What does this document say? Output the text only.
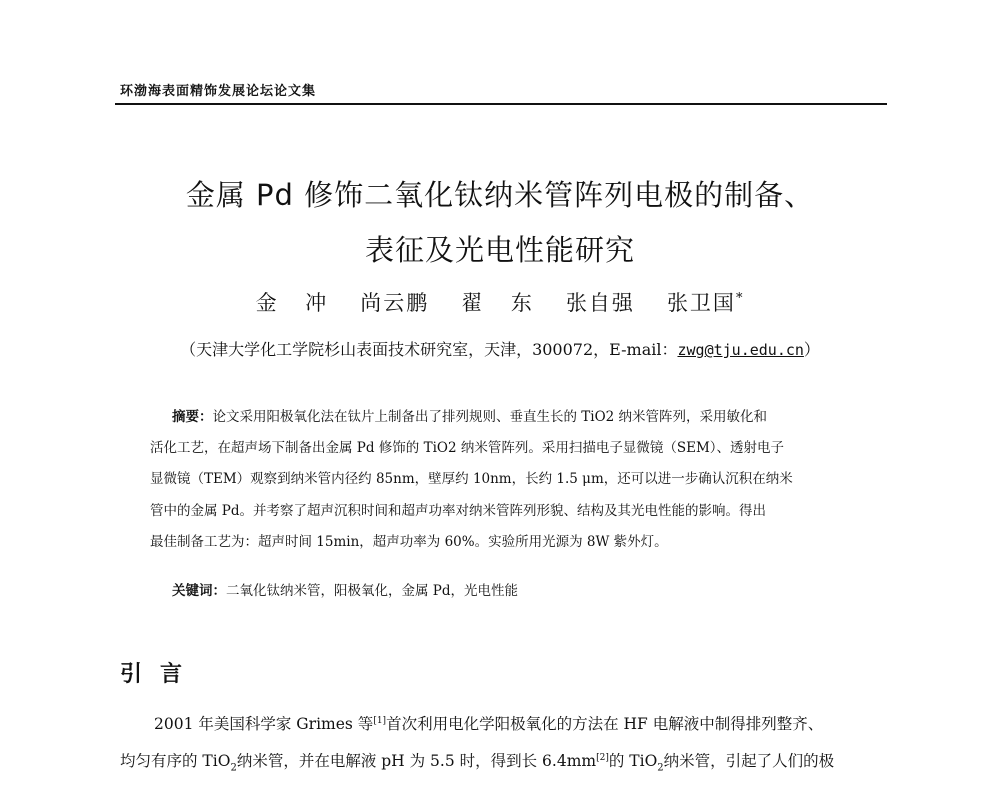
环渤海表面精饰发展论坛论文集
金属 Pd 修饰二氧化钛纳米管阵列电极的制备、
表征及光电性能研究
金 冲 尚云鹏 翟 东 张自强 张卫国*
（天津大学化工学院杉山表面技术研究室，天津，300072，E-mail：zwg@tju.edu.cn）
摘要：论文采用阳极氧化法在钛片上制备出了排列规则、垂直生长的 TiO2 纳米管阵列，采用敏化和
活化工艺，在超声场下制备出金属 Pd 修饰的 TiO2 纳米管阵列。采用扫描电子显微镜（SEM）、透射电子
显微镜（TEM）观察到纳米管内径约 85nm，壁厚约 10nm，长约 1.5 μm，还可以进一步确认沉积在纳米
管中的金属 Pd。并考察了超声沉积时间和超声功率对纳米管阵列形貌、结构及其光电性能的影响。得出
最佳制备工艺为：超声时间 15min，超声功率为 60%。实验所用光源为 8W 紫外灯。
关键词：二氧化钛纳米管，阳极氧化，金属 Pd，光电性能
引言
2001 年美国科学家 Grimes 等[1]首次利用电化学阳极氧化的方法在 HF 电解液中制得排列整齐、
均匀有序的 TiO$_2$纳米管，并在电解液 pH 为 5.5 时，得到长 6.4mm[2]的 TiO$_2$纳米管，引起了人们的极
